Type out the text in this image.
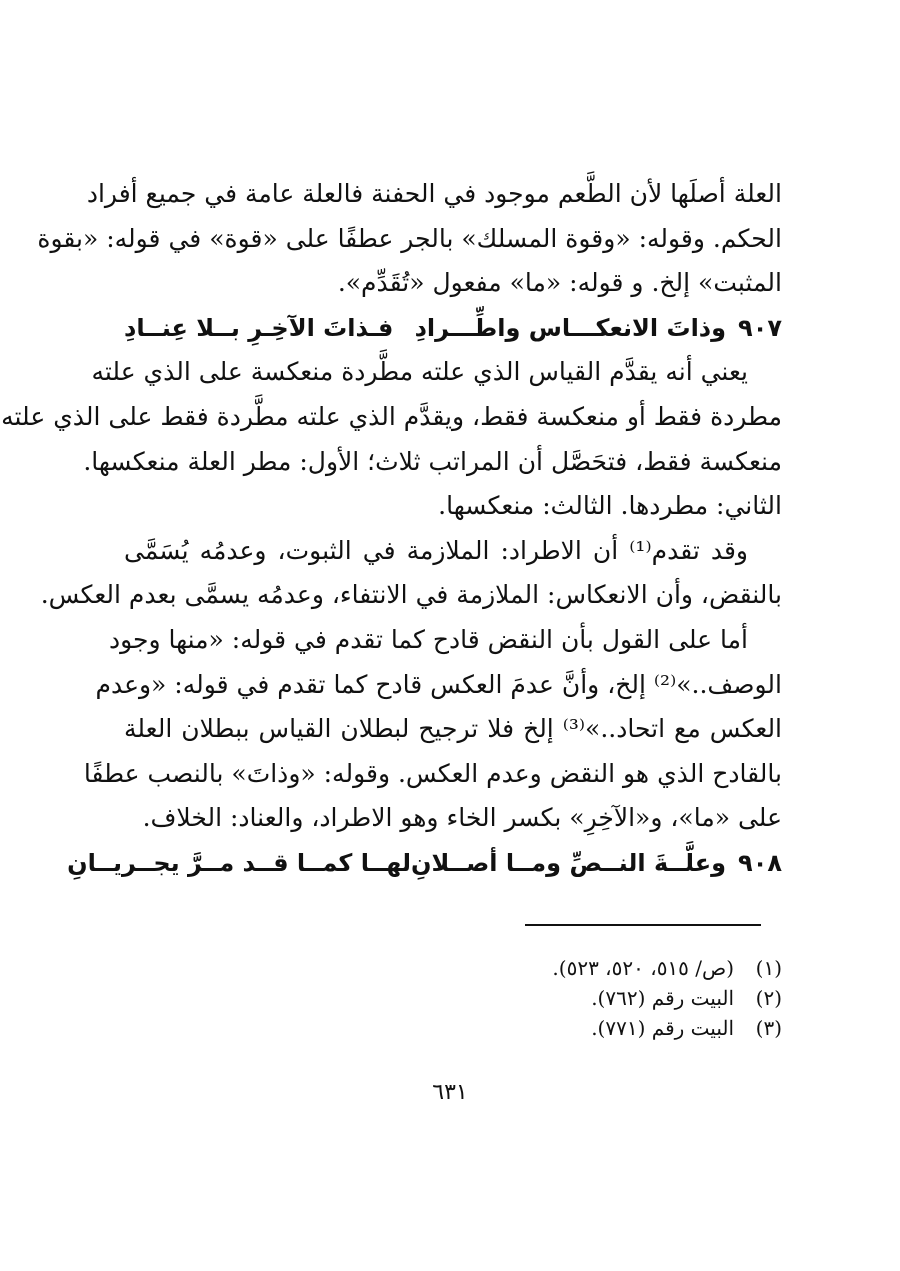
العلة أصلَها لأن الطَّعم موجود في الحفنة فالعلة عامة في جميع أفراد
الحكم. وقوله: «وقوة المسلك» بالجر عطفًا على «قوة» في قوله: «بقوة
المثبت» إلخ. و قوله: «ما» مفعول «تُقَدِّم».
٩٠٧
وذاتَ الانعكـــاس واطِّـــرادِ
فـذاتَ الآخِـرِ بــلا عِنــادِ
يعني أنه يقدَّم القياس الذي علته مطَّردة منعكسة على الذي علته
مطردة فقط أو منعكسة فقط، ويقدَّم الذي علته مطَّردة فقط على الذي علته
منعكسة فقط، فتحَصَّل أن المراتب ثلاث؛ الأول: مطر العلة منعكسها.
الثاني: مطردها. الثالث: منعكسها.
وقد تقدم⁽¹⁾ أن الاطراد: الملازمة في الثبوت، وعدمُه يُسَمَّى
بالنقض، وأن الانعكاس: الملازمة في الانتفاء، وعدمُه يسمَّى بعدم العكس.
أما على القول بأن النقض قادح كما تقدم في قوله: «منها وجود
الوصف..»⁽²⁾ إلخ، وأنَّ عدمَ العكس قادح كما تقدم في قوله: «وعدم
العكس مع اتحاد..»⁽³⁾ إلخ فلا ترجيح لبطلان القياس ببطلان العلة
بالقادح الذي هو النقض وعدم العكس. وقوله: «وذاتَ» بالنصب عطفًا
على «ما»، و«الآخِرِ» بكسر الخاء وهو الاطراد، والعناد: الخلاف.
٩٠٨
وعلَّــةَ النــصِّ ومــا أصــلانِ
لهــا كمــا قــد مــرَّ يجــريــانِ
(١)
(ص/ ٥١٥، ٥٢٠، ٥٢٣).
(٢)
البيت رقم (٧٦٢).
(٣)
البيت رقم (٧٧١).
٦٣١
